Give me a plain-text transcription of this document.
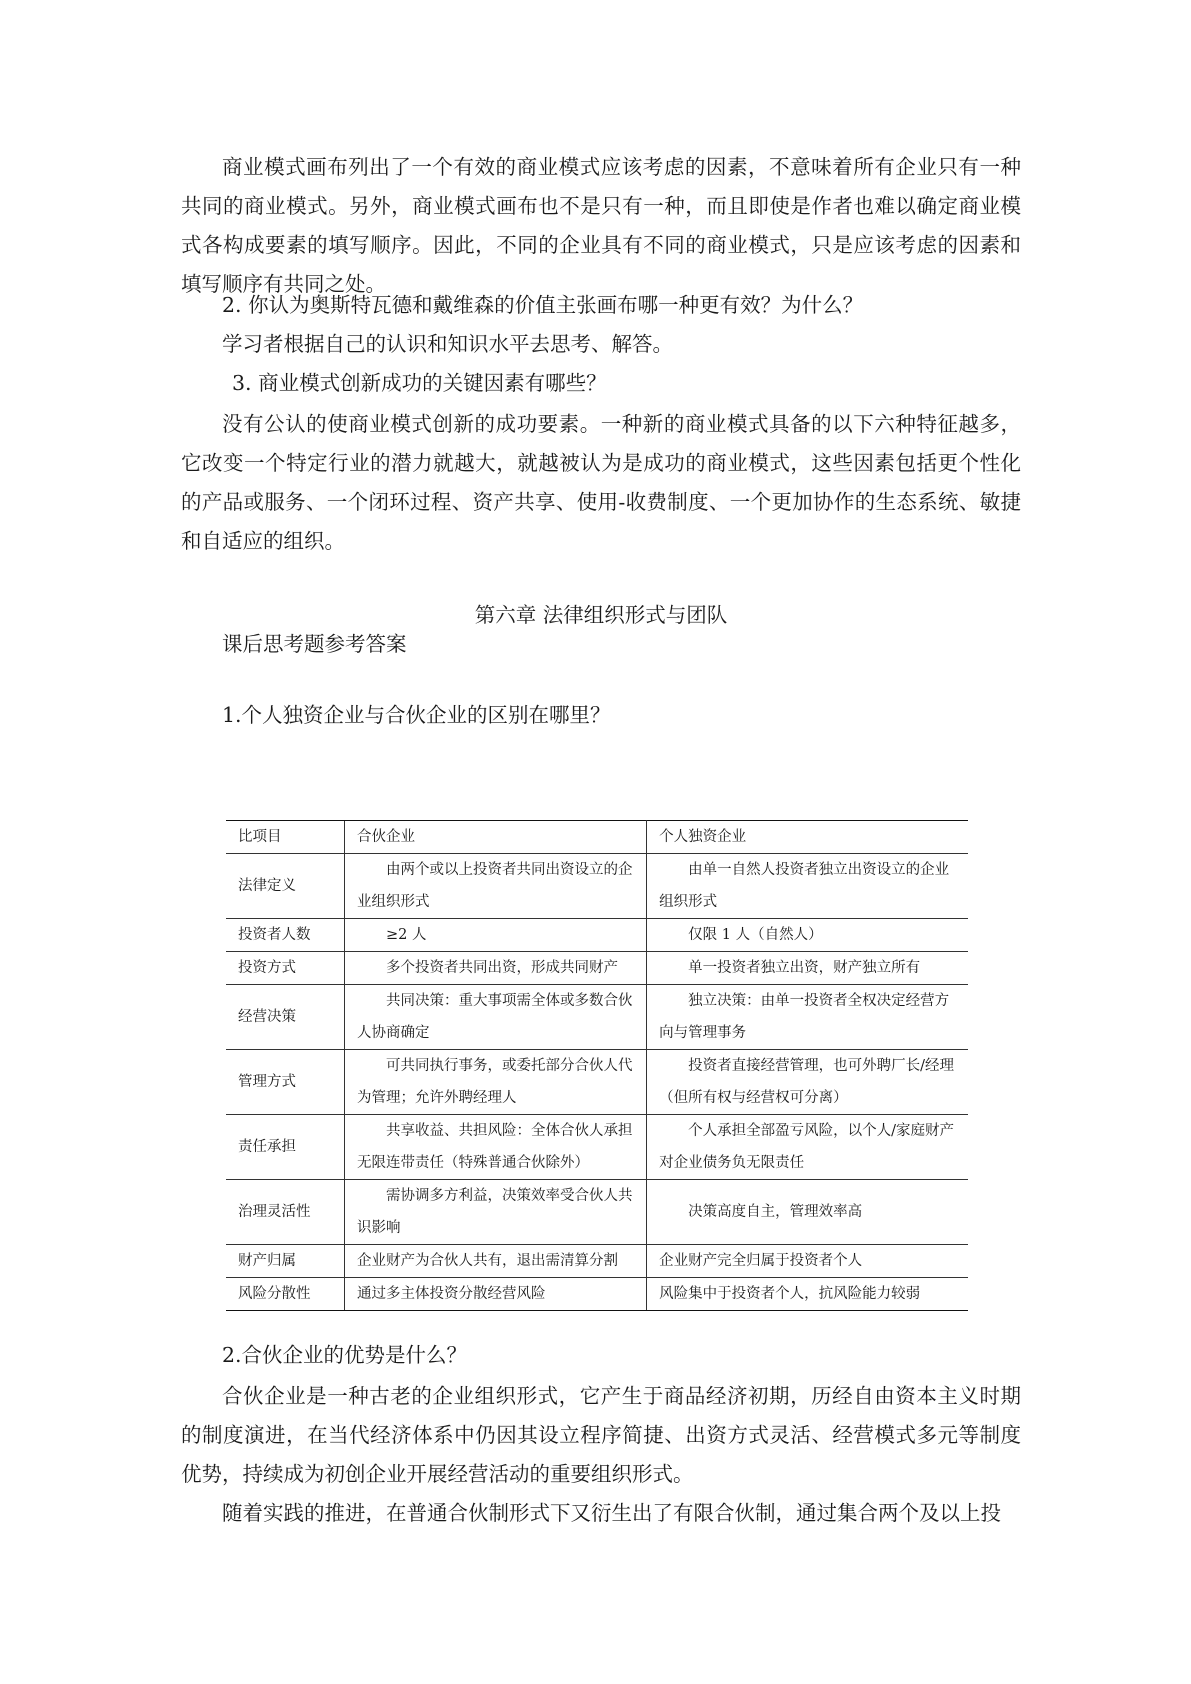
商业模式画布列出了一个有效的商业模式应该考虑的因素，不意味着所有企业只有一种共同的商业模式。另外，商业模式画布也不是只有一种，而且即使是作者也难以确定商业模式各构成要素的填写顺序。因此，不同的企业具有不同的商业模式，只是应该考虑的因素和填写顺序有共同之处。

2. 你认为奥斯特瓦德和戴维森的价值主张画布哪一种更有效？为什么？

学习者根据自己的认识和知识水平去思考、解答。

3. 商业模式创新成功的关键因素有哪些？

没有公认的使商业模式创新的成功要素。一种新的商业模式具备的以下六种特征越多，它改变一个特定行业的潜力就越大，就越被认为是成功的商业模式，这些因素包括更个性化的产品或服务、一个闭环过程、资产共享、使用-收费制度、一个更加协作的生态系统、敏捷和自适应的组织。

第六章 法律组织形式与团队

课后思考题参考答案

1.个人独资企业与合伙企业的区别在哪里？

比项目	合伙企业	个人独资企业
法律定义	由两个或以上投资者共同出资设立的企业组织形式	由单一自然人投资者独立出资设立的企业组织形式

投资者人数	≥2 人	仅限 1 人（自然人）

投资方式	多个投资者共同出资，形成共同财产	单一投资者独立出资，财产独立所有

经营决策	共同决策：重大事项需全体或多数合伙人协商确定	独立决策：由单一投资者全权决定经营方向与管理事务

管理方式	可共同执行事务，或委托部分合伙人代为管理；允许外聘经理人	投资者直接经营管理，也可外聘厂长/经理（但所有权与经营权可分离）

责任承担	共享收益、共担风险：全体合伙人承担无限连带责任（特殊普通合伙除外）	个人承担全部盈亏风险，以个人/家庭财产对企业债务负无限责任

治理灵活性	需协调多方利益，决策效率受合伙人共识影响	决策高度自主，管理效率高

财产归属	企业财产为合伙人共有，退出需清算分割	企业财产完全归属于投资者个人
风险分散性	通过多主体投资分散经营风险	风险集中于投资者个人，抗风险能力较弱

2.合伙企业的优势是什么？

合伙企业是一种古老的企业组织形式，它产生于商品经济初期，历经自由资本主义时期的制度演进，在当代经济体系中仍因其设立程序简捷、出资方式灵活、经营模式多元等制度优势，持续成为初创企业开展经营活动的重要组织形式。

随着实践的推进，在普通合伙制形式下又衍生出了有限合伙制，通过集合两个及以上投
